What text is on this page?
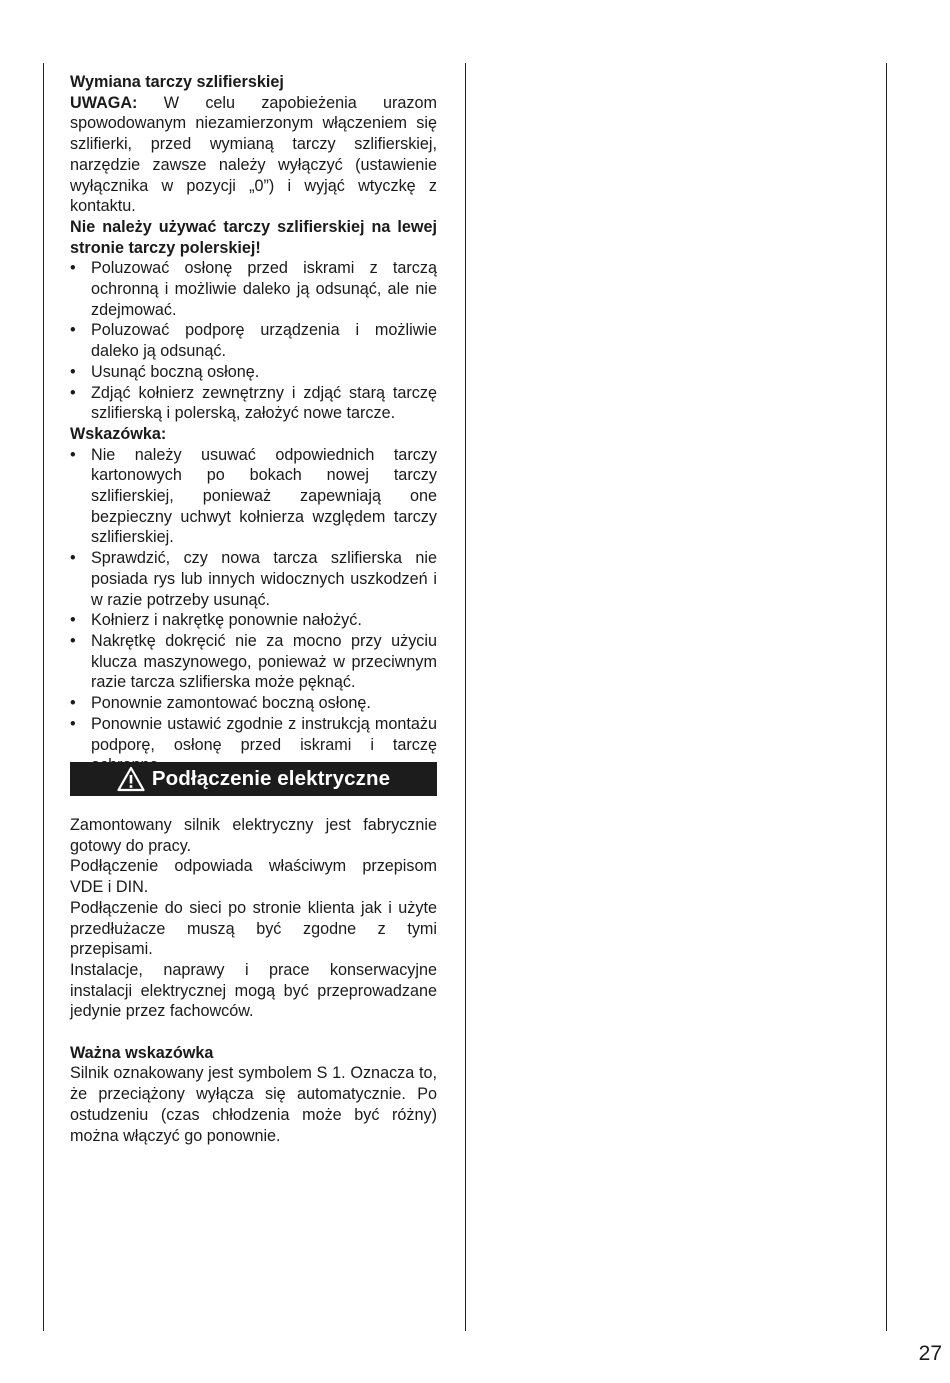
Wymiana tarczy szlifierskiej

UWAGA: W celu zapobieżenia urazom spowodowanym niezamierzonym włączeniem się szlifierki, przed wymianą tarczy szlifierskiej, narzędzie zawsze należy wyłączyć (ustawienie wyłącznika w pozycji „0”) i wyjąć wtyczkę z kontaktu.

Nie należy używać tarczy szlifierskiej na lewej stronie tarczy polerskiej!

• Poluzować osłonę przed iskrami z tarczą ochronną i możliwie daleko ją odsunąć, ale nie zdejmować.
• Poluzować podporę urządzenia i możliwie daleko ją odsunąć.
• Usunąć boczną osłonę.
• Zdjąć kołnierz zewnętrzny i zdjąć starą tarczę szlifierską i polerską, założyć nowe tarcze.

Wskazówka:

• Nie należy usuwać odpowiednich tarczy kartonowych po bokach nowej tarczy szlifierskiej, ponieważ zapewniają one bezpieczny uchwyt kołnierza względem tarczy szlifierskiej.
• Sprawdzić, czy nowa tarcza szlifierska nie posiada rys lub innych widocznych uszkodzeń i w razie potrzeby usunąć.
• Kołnierz i nakrętkę ponownie nałożyć.
• Nakrętkę dokręcić nie za mocno przy użyciu klucza maszynowego, ponieważ w przeciwnym razie tarcza szlifierska może pęknąć.
• Ponownie zamontować boczną osłonę.
• Ponownie ustawić zgodnie z instrukcją montażu podporę, osłonę przed iskrami i tarczę
Podłączenie elektryczne

Zamontowany silnik elektryczny jest fabrycznie gotowy do pracy.

Podłączenie odpowiada właściwym przepisom VDE i DIN.

Podłączenie do sieci po stronie klienta jak i użyte przedłużacze muszą być zgodne z tymi przepisami.

Instalacje, naprawy i prace konserwacyjne instalacji elektrycznej mogą być przeprowadzane jedynie przez fachowców.

Ważna wskazówka

Silnik oznakowany jest symbolem S 1. Oznacza to, że przeciążony wyłącza się automatycznie. Po ostudzeniu (czas chłodzenia może być różny) można włączyć go ponownie.

27
